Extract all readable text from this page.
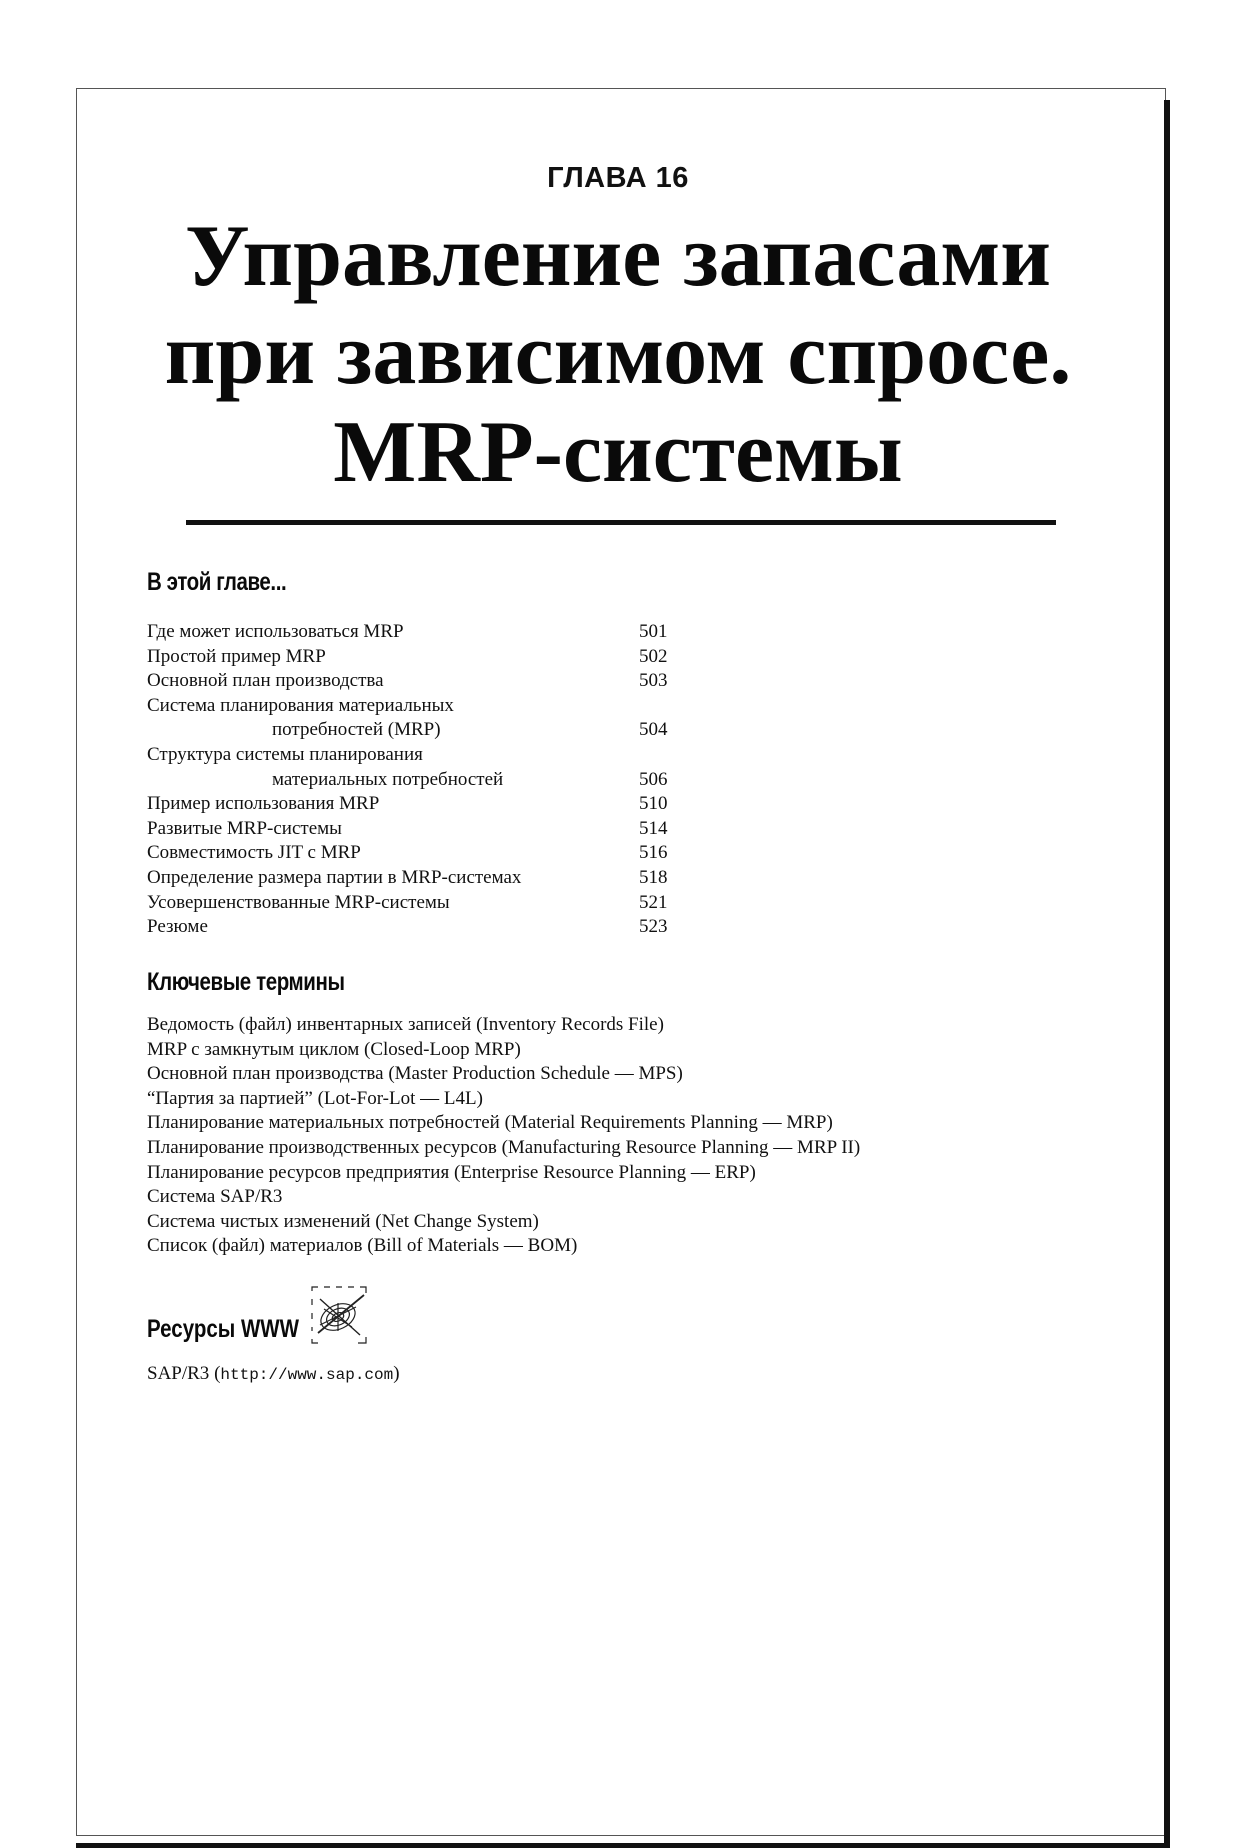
ГЛАВА 16
Управление запасами
при зависимом спросе.
MRP-системы
В этой главе...
Где может использоваться MRP	501
Простой пример MRP	502
Основной план производства	503
Система планирования материальных
потребностей (MRP)	504
Структура системы планирования
материальных потребностей	506
Пример использования MRP	510
Развитые MRP-системы	514
Совместимость JIT с MRP	516
Определение размера партии в MRP-системах	518
Усовершенствованные MRP-системы	521
Резюме	523
Ключевые термины
Ведомость (файл) инвентарных записей (Inventory Records File)
MRP с замкнутым циклом (Closed-Loop MRP)
Основной план производства (Master Production Schedule — MPS)
“Партия за партией” (Lot-For-Lot — L4L)
Планирование материальных потребностей (Material Requirements Planning — MRP)
Планирование производственных ресурсов (Manufacturing Resource Planning — MRP II)
Планирование ресурсов предприятия (Enterprise Resource Planning — ERP)
Система SAP/R3
Система чистых изменений (Net Change System)
Список (файл) материалов (Bill of Materials — BOM)
Ресурсы WWW
SAP/R3 (http://www.sap.com)
